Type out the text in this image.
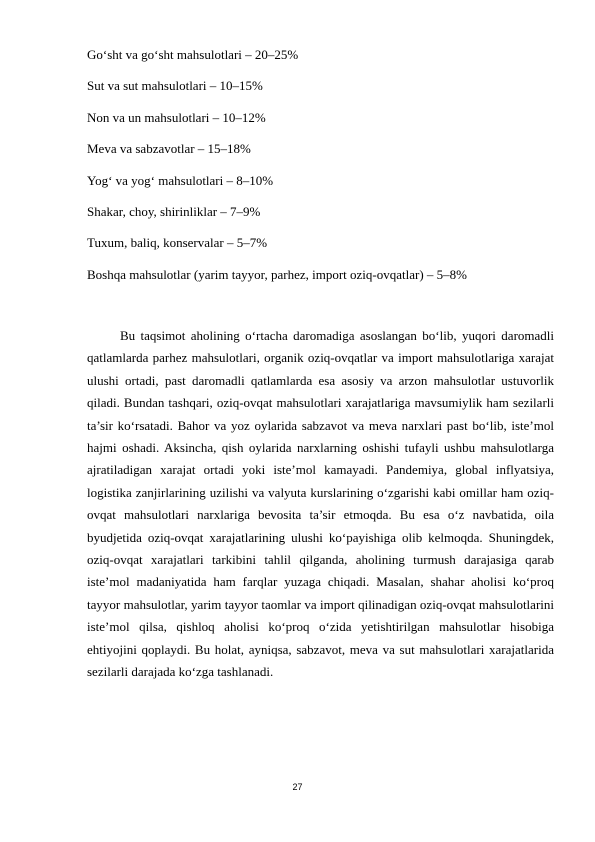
Go‘sht va go‘sht mahsulotlari – 20–25%
Sut va sut mahsulotlari – 10–15%
Non va un mahsulotlari – 10–12%
Meva va sabzavotlar – 15–18%
Yog‘ va yog‘ mahsulotlari – 8–10%
Shakar, choy, shirinliklar – 7–9%
Tuxum, baliq, konservalar – 5–7%
Boshqa mahsulotlar (yarim tayyor, parhez, import oziq-ovqatlar) – 5–8%

Bu taqsimot aholining o‘rtacha daromadiga asoslangan bo‘lib, yuqori daromadli qatlamlarda parhez mahsulotlari, organik oziq-ovqatlar va import mahsulotlariga xarajat ulushi ortadi, past daromadli qatlamlarda esa asosiy va arzon mahsulotlar ustuvorlik qiladi. Bundan tashqari, oziq-ovqat mahsulotlari xarajatlariga mavsumiylik ham sezilarli ta’sir ko‘rsatadi. Bahor va yoz oylarida sabzavot va meva narxlari past bo‘lib, iste’mol hajmi oshadi. Aksincha, qish oylarida narxlarning oshishi tufayli ushbu mahsulotlarga ajratiladigan xarajat ortadi yoki iste’mol kamayadi. Pandemiya, global inflyatsiya, logistika zanjirlarining uzilishi va valyuta kurslarining o‘zgarishi kabi omillar ham oziq-ovqat mahsulotlari narxlariga bevosita ta’sir etmoqda. Bu esa o‘z navbatida, oila byudjetida oziq-ovqat xarajatlarining ulushi ko‘payishiga olib kelmoqda. Shuningdek, oziq-ovqat xarajatlari tarkibini tahlil qilganda, aholining turmush darajasiga qarab iste’mol madaniyatida ham farqlar yuzaga chiqadi. Masalan, shahar aholisi ko‘proq tayyor mahsulotlar, yarim tayyor taomlar va import qilinadigan oziq-ovqat mahsulotlarini iste’mol qilsa, qishloq aholisi ko‘proq o‘zida yetishtirilgan mahsulotlar hisobiga ehtiyojini qoplaydi. Bu holat, ayniqsa, sabzavot, meva va sut mahsulotlari xarajatlarida sezilarli darajada ko‘zga tashlanadi.

27
